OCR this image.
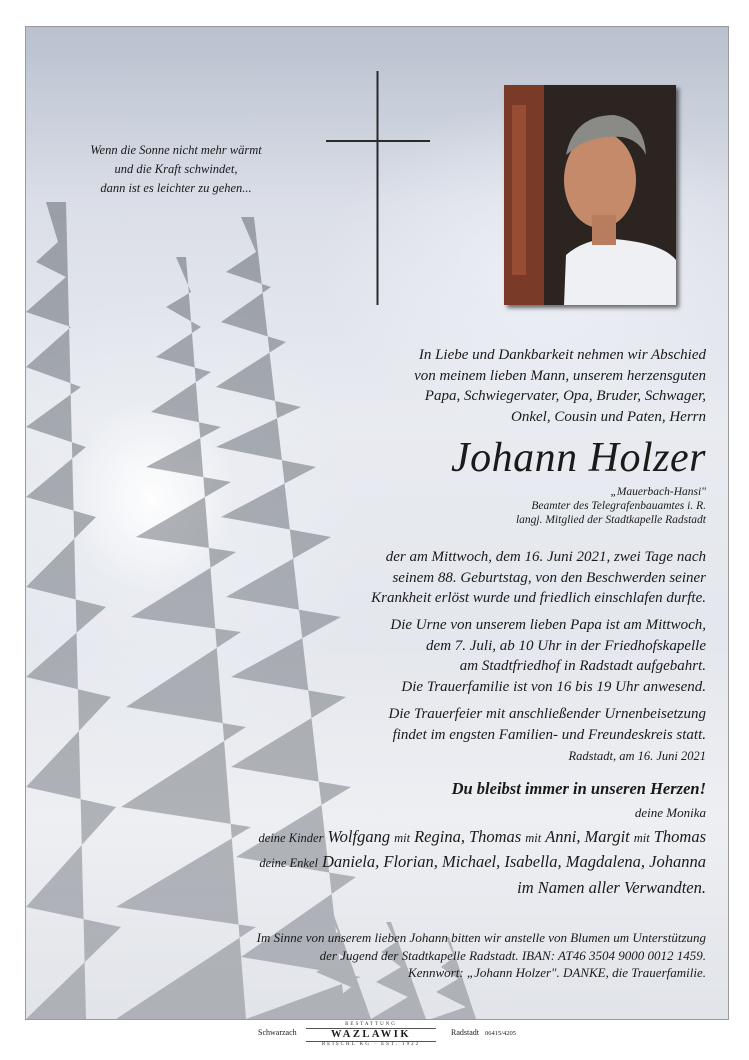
Wenn die Sonne nicht mehr wärmt
und die Kraft schwindet,
dann ist es leichter zu gehen...
In Liebe und Dankbarkeit nehmen wir Abschied
von meinem lieben Mann, unserem herzensguten
Papa, Schwiegervater, Opa, Bruder, Schwager,
Onkel, Cousin und Paten, Herrn
Johann Holzer
„Mauerbach-Hansi"
Beamter des Telegrafenbauamtes i. R.
langj. Mitglied der Stadtkapelle Radstadt
der am Mittwoch, dem 16. Juni 2021, zwei Tage nach
seinem 88. Geburtstag, von den Beschwerden seiner
Krankheit erlöst wurde und friedlich einschlafen durfte.
Die Urne von unserem lieben Papa ist am Mittwoch,
dem 7. Juli, ab 10 Uhr in der Friedhofskapelle
am Stadtfriedhof in Radstadt aufgebahrt.
Die Trauerfamilie ist von 16 bis 19 Uhr anwesend.
Die Trauerfeier mit anschließender Urnenbeisetzung
findet im engsten Familien- und Freundeskreis statt.
Radstadt, am 16. Juni 2021
Du bleibst immer in unseren Herzen!
deine Monika
deine Kinder Wolfgang mit Regina, Thomas mit Anni, Margit mit Thomas
deine Enkel Daniela, Florian, Michael, Isabella, Magdalena, Johanna
im Namen aller Verwandten.
Im Sinne von unserem lieben Johann bitten wir anstelle von Blumen um Unterstützung
der Jugend der Stadtkapelle Radstadt. IBAN: AT46 3504 9000 0012 1459.
Kennwort: „Johann Holzer". DANKE, die Trauerfamilie.
Schwarzach
BESTATTUNG
WAZLAWIK
REISCHL KG · EST. 1922
Radstadt 06415/4205
